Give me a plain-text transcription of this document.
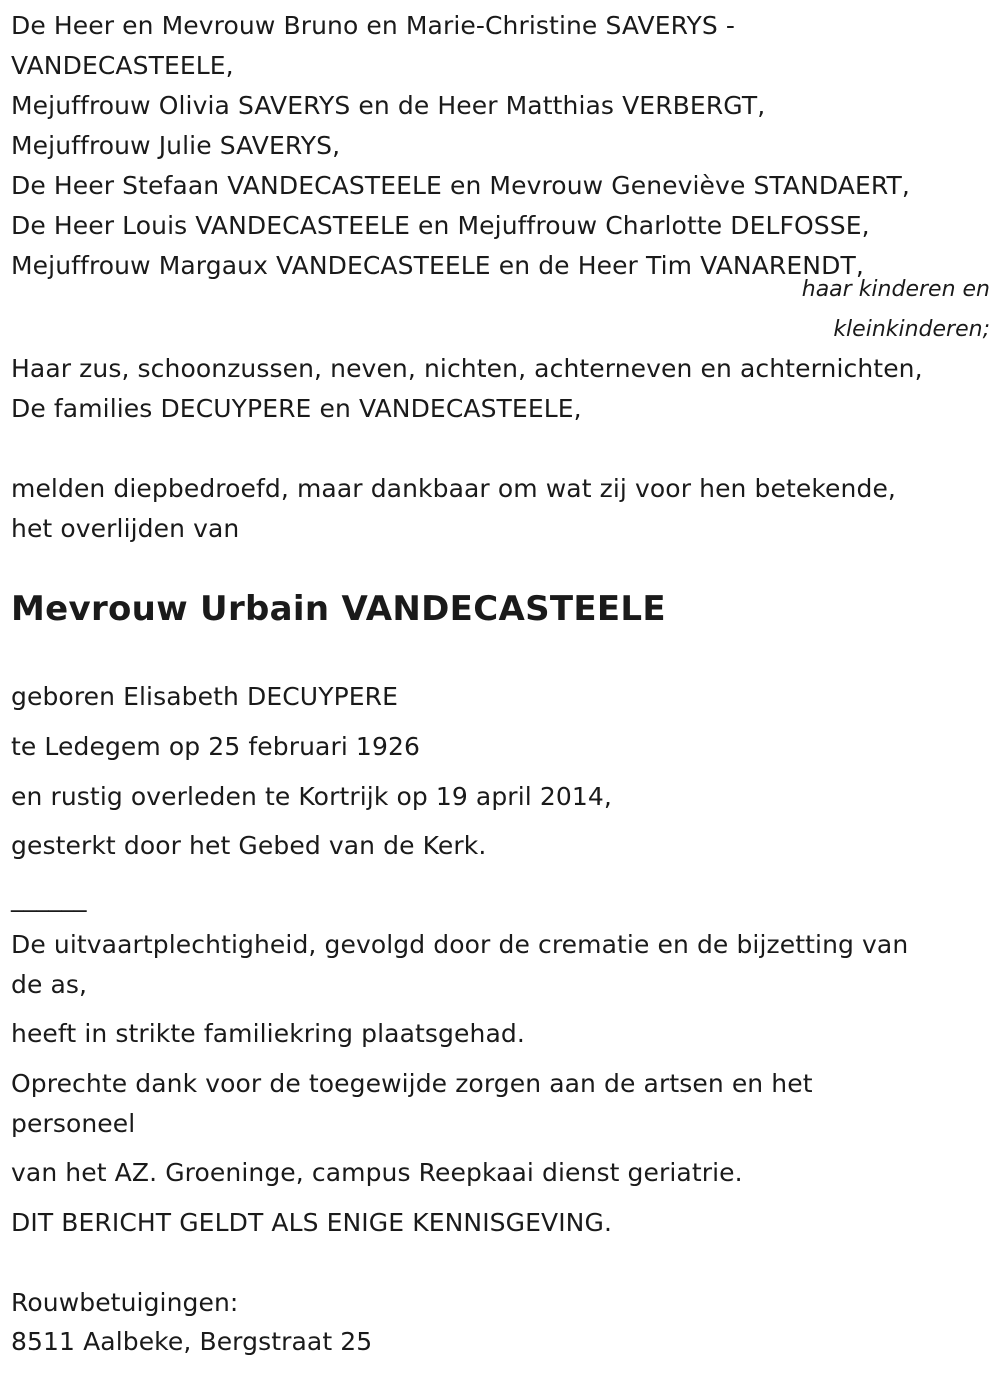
De Heer en Mevrouw Bruno en Marie-Christine SAVERYS -
VANDECASTEELE,
Mejuffrouw Olivia SAVERYS en de Heer Matthias VERBERGT,
Mejuffrouw Julie SAVERYS,
De Heer Stefaan VANDECASTEELE en Mevrouw Geneviève STANDAERT,
De Heer Louis VANDECASTEELE en Mejuffrouw Charlotte DELFOSSE,
Mejuffrouw Margaux VANDECASTEELE en de Heer Tim VANARENDT,
haar kinderen en
kleinkinderen;
Haar zus, schoonzussen, neven, nichten, achterneven en achternichten,
De families DECUYPERE en VANDECASTEELE,
melden diepbedroefd, maar dankbaar om wat zij voor hen betekende,
het overlijden van
Mevrouw Urbain VANDECASTEELE
geboren Elisabeth DECUYPERE
te Ledegem op 25 februari 1926
en rustig overleden te Kortrijk op 19 april 2014,
gesterkt door het Gebed van de Kerk.
______
De uitvaartplechtigheid, gevolgd door de crematie en de bijzetting van
de as,
heeft in strikte familiekring plaatsgehad.
Oprechte dank voor de toegewijde zorgen aan de artsen en het
personeel
van het AZ. Groeninge, campus Reepkaai dienst geriatrie.
DIT BERICHT GELDT ALS ENIGE KENNISGEVING.
Rouwbetuigingen:
8511 Aalbeke, Bergstraat 25
